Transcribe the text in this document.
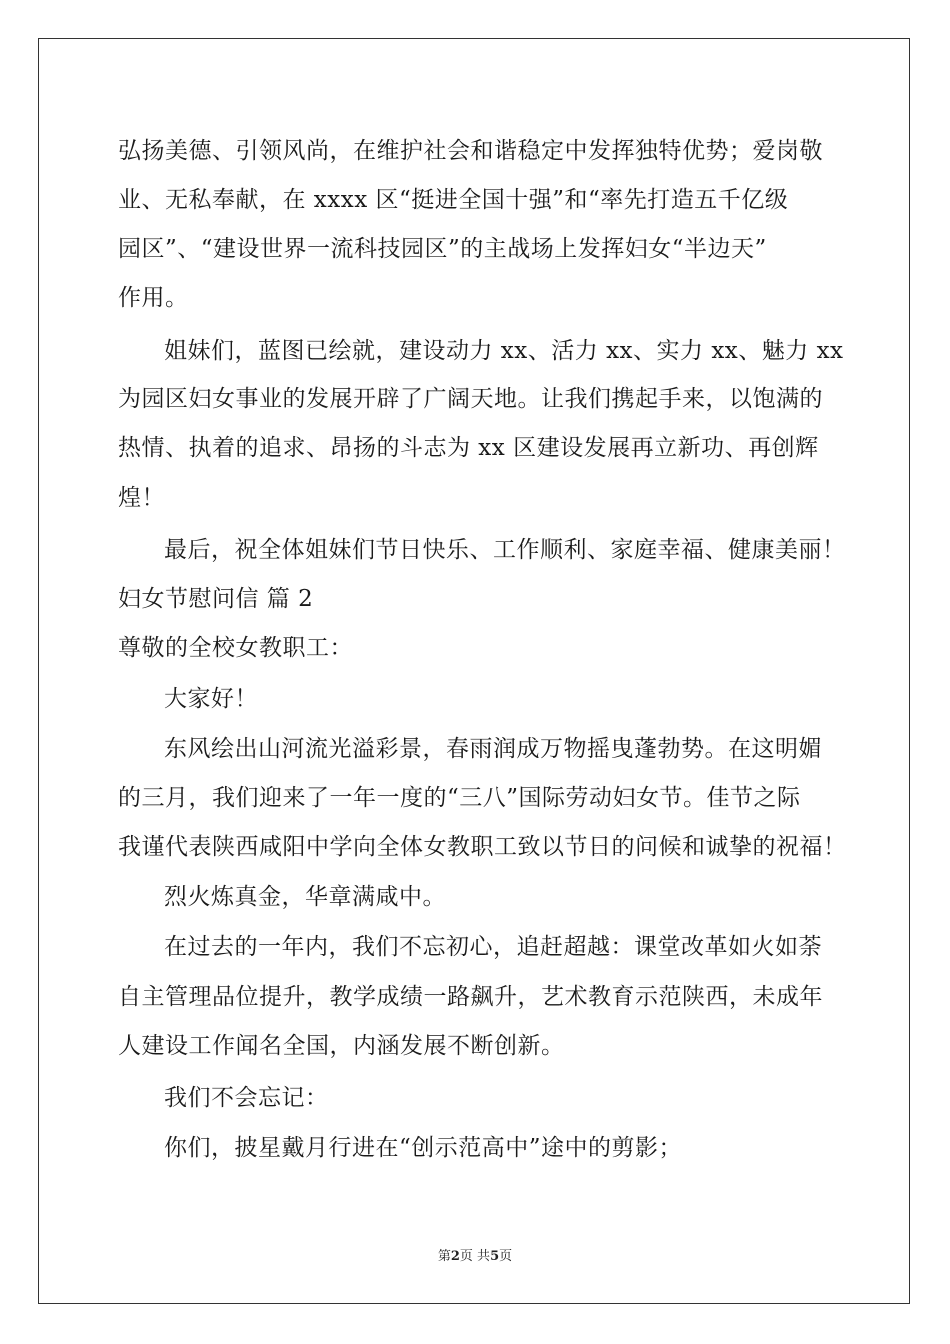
弘扬美德、引领风尚，在维护社会和谐稳定中发挥独特优势；爱岗敬
业、无私奉献，在 xxxx 区“挺进全国十强”和“率先打造五千亿级
园区”、“建设世界一流科技园区”的主战场上发挥妇女“半边天”
作用。
姐妹们，蓝图已绘就，建设动力 xx、活力 xx、实力 xx、魅力 xx
为园区妇女事业的发展开辟了广阔天地。让我们携起手来，以饱满的
热情、执着的追求、昂扬的斗志为 xx 区建设发展再立新功、再创辉
煌！
最后，祝全体姐妹们节日快乐、工作顺利、家庭幸福、健康美丽！
妇女节慰问信 篇 2
尊敬的全校女教职工：
大家好！
东风绘出山河流光溢彩景，春雨润成万物摇曳蓬勃势。在这明媚
的三月，我们迎来了一年一度的“三八”国际劳动妇女节。佳节之际
我谨代表陕西咸阳中学向全体女教职工致以节日的问候和诚挚的祝福！
烈火炼真金，华章满咸中。
在过去的一年内，我们不忘初心，追赶超越：课堂改革如火如荼
自主管理品位提升，教学成绩一路飙升，艺术教育示范陕西，未成年
人建设工作闻名全国，内涵发展不断创新。
我们不会忘记：
你们，披星戴月行进在“创示范高中”途中的剪影；
第2页 共5页
